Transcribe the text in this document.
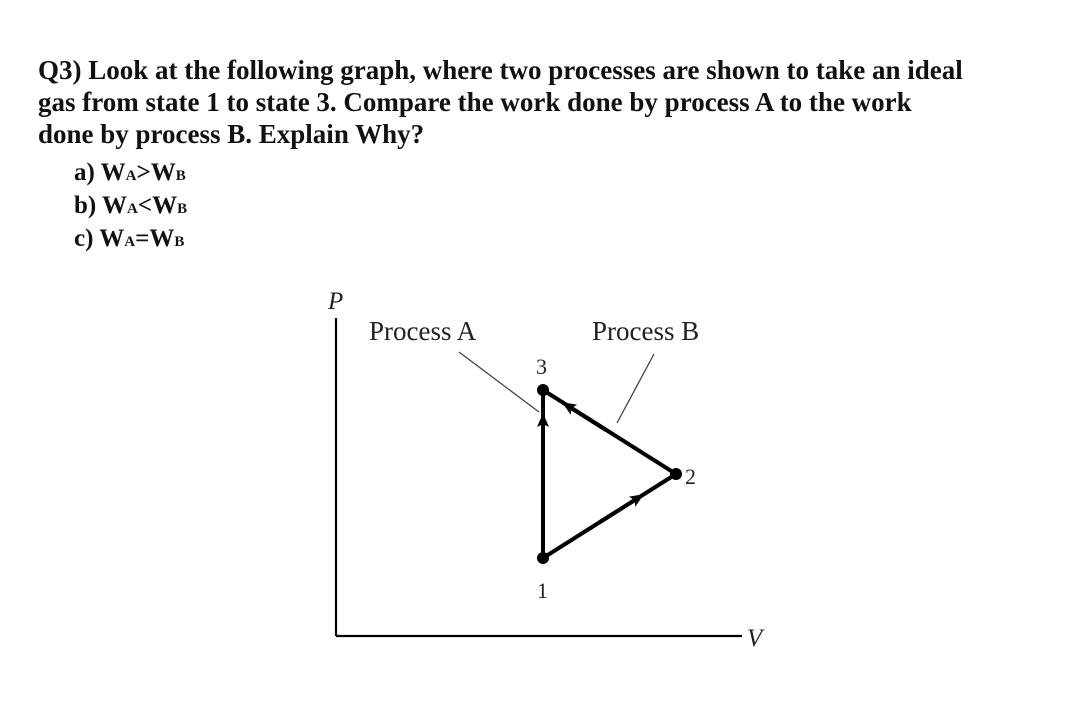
Q3) Look at the following graph, where two processes are shown to take an ideal
gas from state 1 to state 3. Compare the work done by process A to the work
done by process B. Explain Why?
a) WA>WB
b) WA<WB
c) WA=WB
P
V
Process A	Process B
1
2
3
